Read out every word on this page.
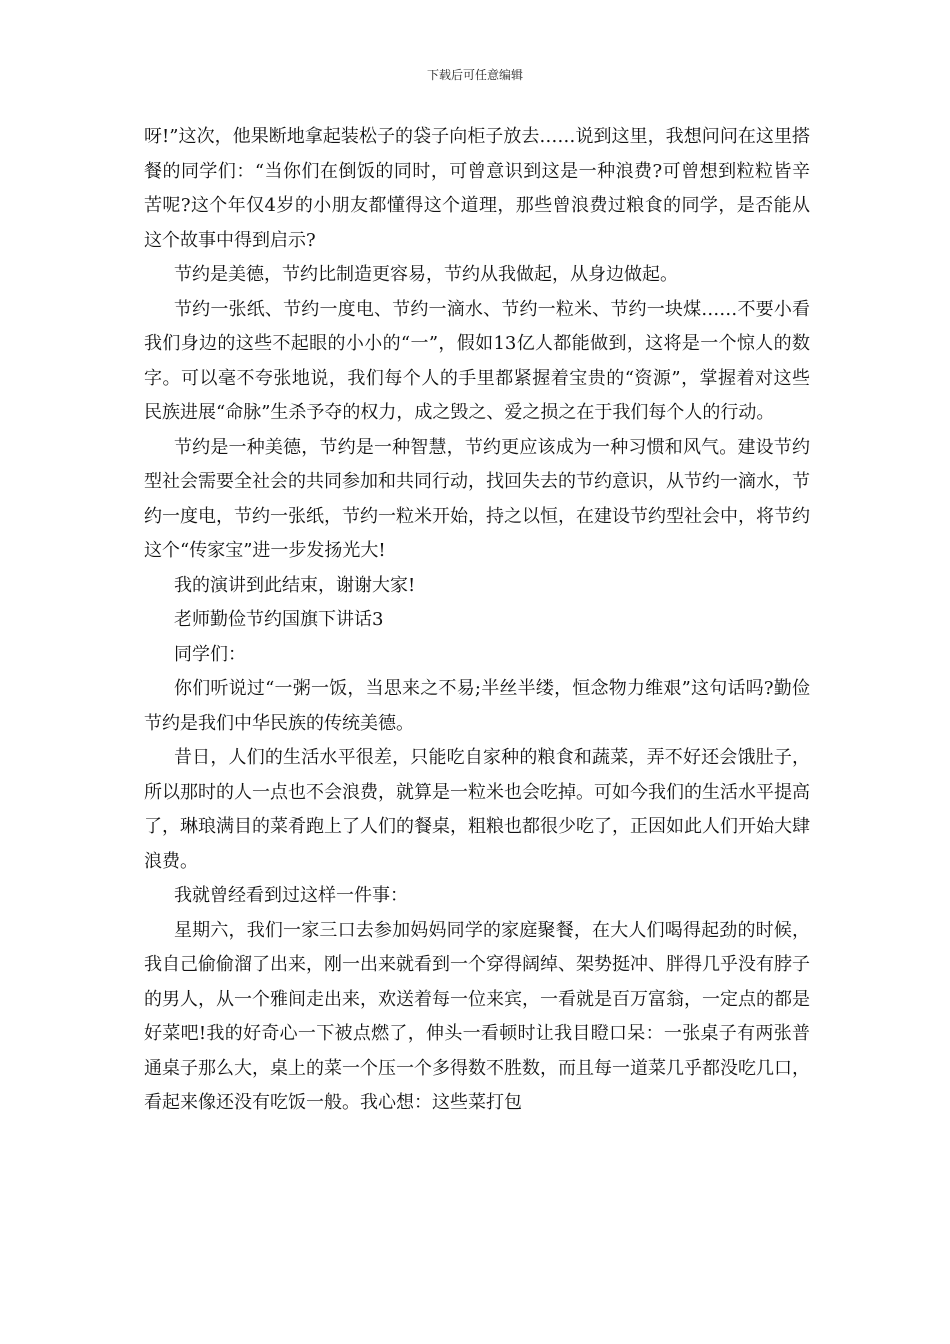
下载后可任意编辑

呀!”这次，他果断地拿起装松子的袋子向柜子放去……说到这里，我想问问在这里搭餐的同学们：“当你们在倒饭的同时，可曾意识到这是一种浪费?可曾想到粒粒皆辛苦呢?这个年仅4岁的小朋友都懂得这个道理，那些曾浪费过粮食的同学，是否能从这个故事中得到启示?

节约是美德，节约比制造更容易，节约从我做起，从身边做起。

节约一张纸、节约一度电、节约一滴水、节约一粒米、节约一块煤……不要小看我们身边的这些不起眼的小小的“一”，假如13亿人都能做到，这将是一个惊人的数字。可以毫不夸张地说，我们每个人的手里都紧握着宝贵的“资源”，掌握着对这些民族进展“命脉”生杀予夺的权力，成之毁之、爱之损之在于我们每个人的行动。

节约是一种美德，节约是一种智慧，节约更应该成为一种习惯和风气。建设节约型社会需要全社会的共同参加和共同行动，找回失去的节约意识，从节约一滴水，节约一度电，节约一张纸，节约一粒米开始，持之以恒，在建设节约型社会中，将节约这个“传家宝”进一步发扬光大!

我的演讲到此结束，谢谢大家!

老师勤俭节约国旗下讲话3

同学们：

你们听说过“一粥一饭，当思来之不易;半丝半缕，恒念物力维艰”这句话吗?勤俭节约是我们中华民族的传统美德。

昔日，人们的生活水平很差，只能吃自家种的粮食和蔬菜，弄不好还会饿肚子，所以那时的人一点也不会浪费，就算是一粒米也会吃掉。可如今我们的生活水平提高了，琳琅满目的菜肴跑上了人们的餐桌，粗粮也都很少吃了，正因如此人们开始大肆浪费。

我就曾经看到过这样一件事：

星期六，我们一家三口去参加妈妈同学的家庭聚餐，在大人们喝得起劲的时候，我自己偷偷溜了出来，刚一出来就看到一个穿得阔绰、架势挺冲、胖得几乎没有脖子的男人，从一个雅间走出来，欢送着每一位来宾，一看就是百万富翁，一定点的都是好菜吧!我的好奇心一下被点燃了，伸头一看顿时让我目瞪口呆：一张桌子有两张普通桌子那么大，桌上的菜一个压一个多得数不胜数，而且每一道菜几乎都没吃几口，看起来像还没有吃饭一般。我心想：这些菜打包
